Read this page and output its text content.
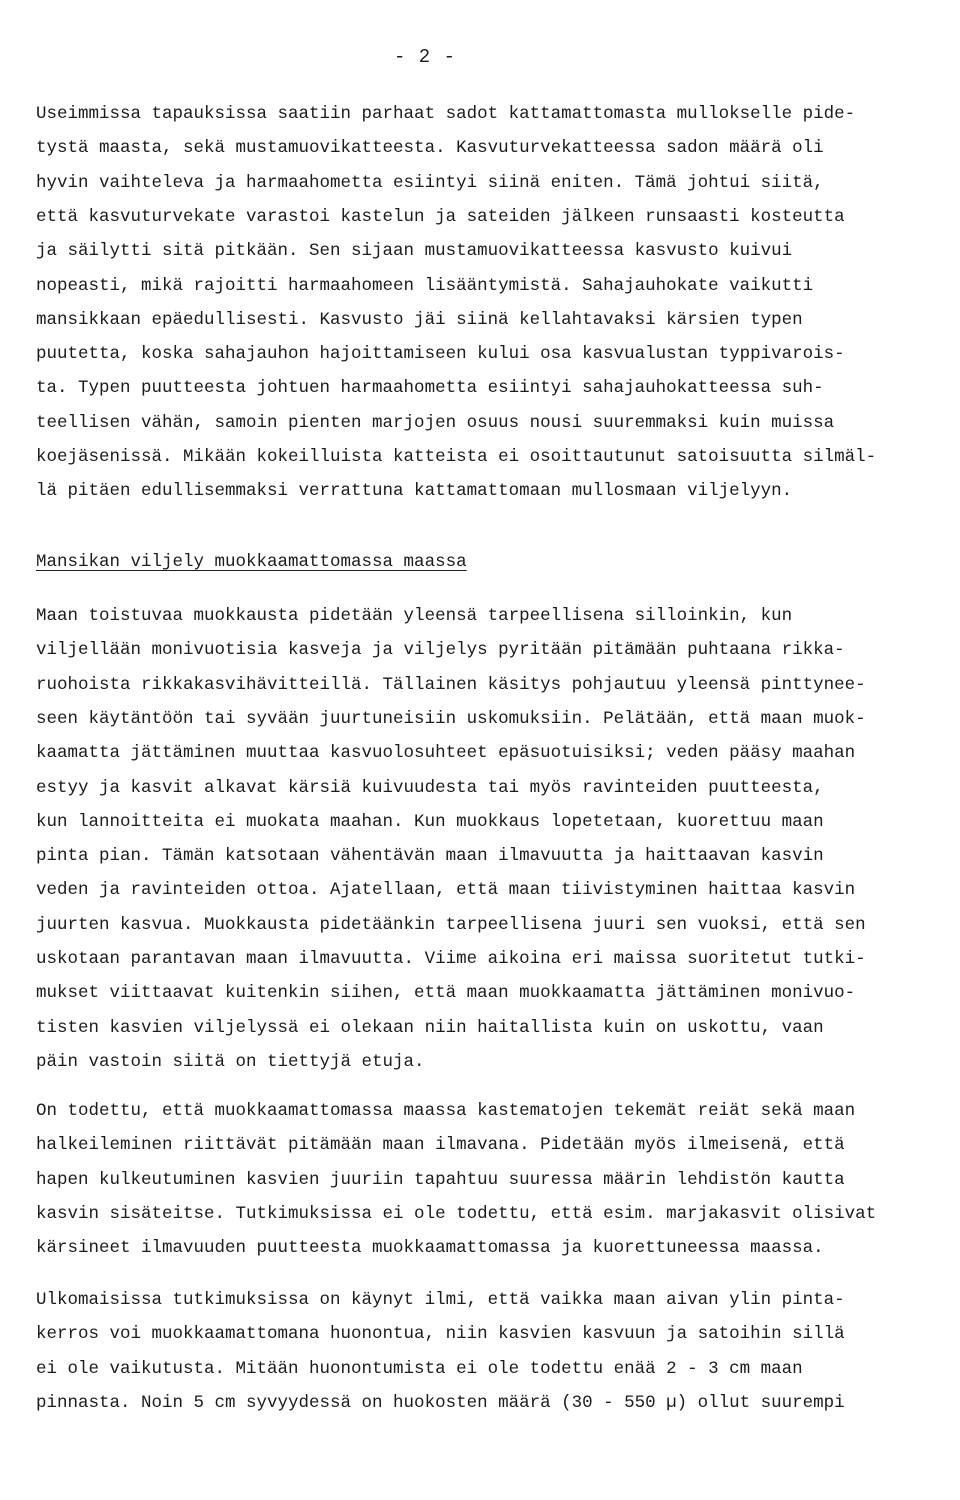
- 2 -
Useimmissa tapauksissa saatiin parhaat sadot kattamattomasta mullokselle pide-
tystä maasta, sekä mustamuovikatteesta. Kasvuturvekatteessa sadon määrä oli
hyvin vaihteleva ja harmaahometta esiintyi siinä eniten. Tämä johtui siitä,
että kasvuturvekate varastoi kastelun ja sateiden jälkeen runsaasti kosteutta
ja säilytti sitä pitkään. Sen sijaan mustamuovikatteessa kasvusto kuivui
nopeasti, mikä rajoitti harmaahomeen lisääntymistä. Sahajauhokate vaikutti
mansikkaan epäedullisesti. Kasvusto jäi siinä kellahtavaksi kärsien typen
puutetta, koska sahajauhon hajoittamiseen kului osa kasvualustan typpivarois-
ta. Typen puutteesta johtuen harmaahometta esiintyi sahajauhokatteessa suh-
teellisen vähän, samoin pienten marjojen osuus nousi suuremmaksi kuin muissa
koejäsenissä. Mikään kokeilluista katteista ei osoittautunut satoisuutta silmäl-
lä pitäen edullisemmaksi verrattuna kattamattomaan mullosmaan viljelyyn.
Mansikan viljely muokkaamattomassa maassa
Maan toistuvaa muokkausta pidetään yleensä tarpeellisena silloinkin, kun
viljellään monivuotisia kasveja ja viljelys pyritään pitämään puhtaana rikka-
ruohoista rikkakasvihävitteillä. Tällainen käsitys pohjautuu yleensä pinttynee-
seen käytäntöön tai syvään juurtuneisiin uskomuksiin. Pelätään, että maan muok-
kaamatta jättäminen muuttaa kasvuolosuhteet epäsuotuisiksi; veden pääsy maahan
estyy ja kasvit alkavat kärsiä kuivuudesta tai myös ravinteiden puutteesta,
kun lannoitteita ei muokata maahan. Kun muokkaus lopetetaan, kuorettuu maan
pinta pian. Tämän katsotaan vähentävän maan ilmavuutta ja haittaavan kasvin
veden ja ravinteiden ottoa. Ajatellaan, että maan tiivistyminen haittaa kasvin
juurten kasvua. Muokkausta pidetäänkin tarpeellisena juuri sen vuoksi, että sen
uskotaan parantavan maan ilmavuutta. Viime aikoina eri maissa suoritetut tutki-
mukset viittaavat kuitenkin siihen, että maan muokkaamatta jättäminen monivuo-
tisten kasvien viljelyssä ei olekaan niin haitallista kuin on uskottu, vaan
päin vastoin siitä on tiettyjä etuja.
On todettu, että muokkaamattomassa maassa kastematojen tekemät reiät sekä maan
halkeileminen riittävät pitämään maan ilmavana. Pidetään myös ilmeisenä, että
hapen kulkeutuminen kasvien juuriin tapahtuu suuressa määrin lehdistön kautta
kasvin sisäteitse. Tutkimuksissa ei ole todettu, että esim. marjakasvit olisivat
kärsineet ilmavuuden puutteesta muokkaamattomassa ja kuorettuneessa maassa.
Ulkomaisissa tutkimuksissa on käynyt ilmi, että vaikka maan aivan ylin pinta-
kerros voi muokkaamattomana huonontua, niin kasvien kasvuun ja satoihin sillä
ei ole vaikutusta. Mitään huonontumista ei ole todettu enää 2 - 3 cm maan
pinnasta. Noin 5 cm syvyydessä on huokosten määrä (30 - 550 µ) ollut suurempi
